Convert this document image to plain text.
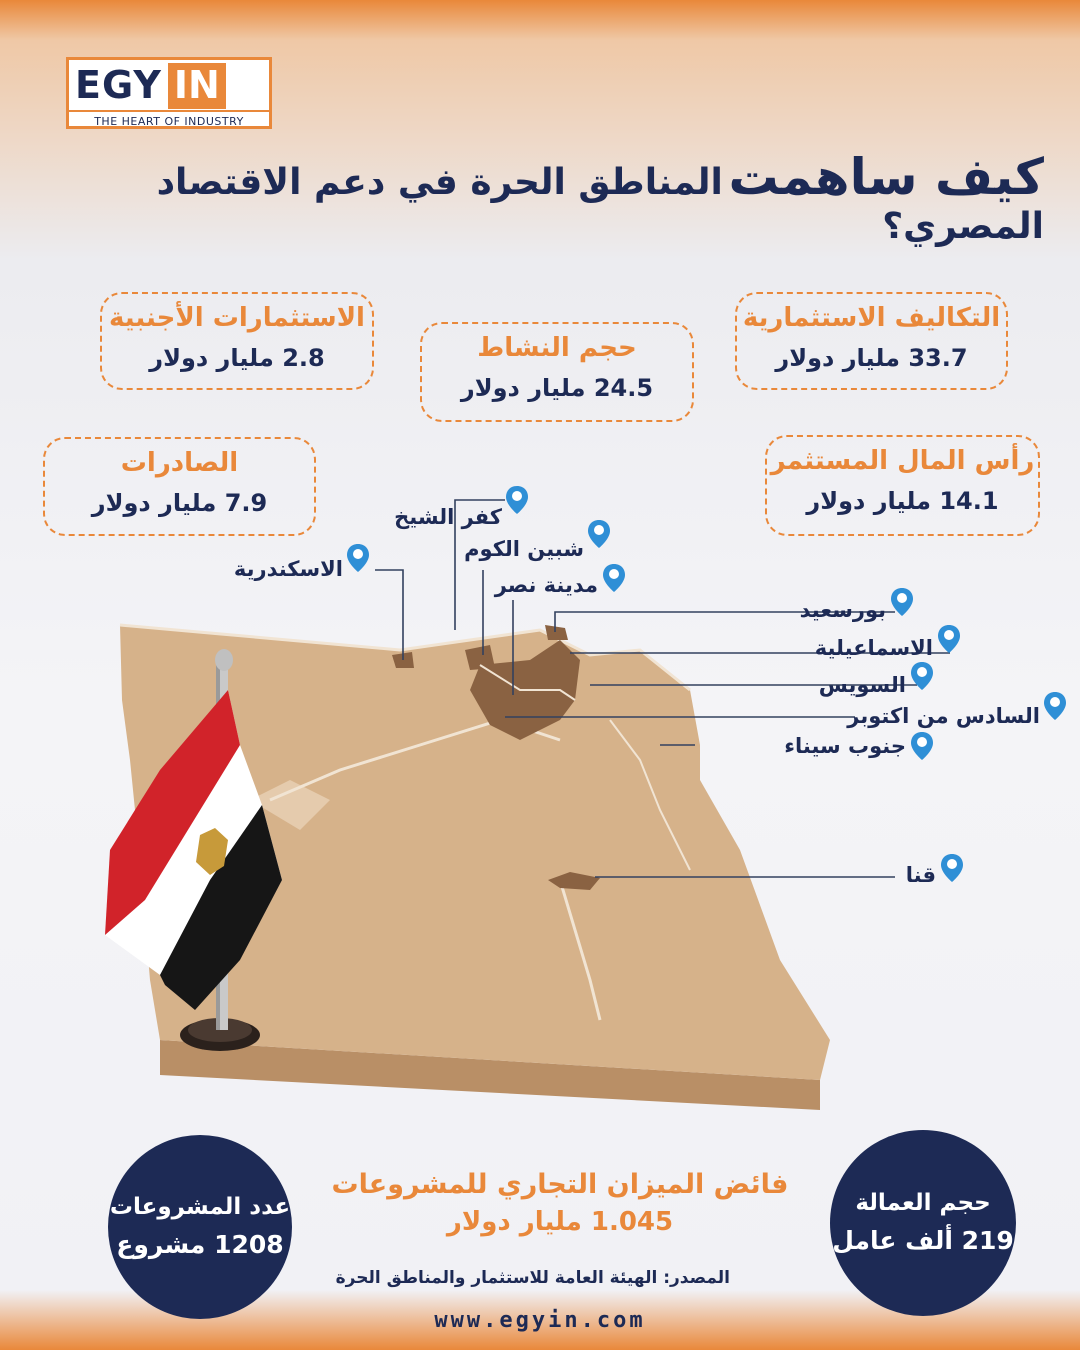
EGY IN
THE HEART OF INDUSTRY
كيف ساهمت المناطق الحرة في دعم الاقتصاد المصري؟
الاستثمارات الأجنبية
2.8 مليار دولار	حجم النشاط
24.5 مليار دولار
التكاليف الاستثمارية
33.7 مليار دولار
الصادرات
7.9 مليار دولار
رأس المال المستثمر
14.1 مليار دولار
كفر الشيخ
شبين الكوم
مدينة نصر
الاسكندرية
بورسعيد
الاسماعيلية
السويس
السادس من اكتوبر
جنوب سيناء
قنا
عدد المشروعات
1208 مشروع
حجم العمالة
219 ألف عامل
فائض الميزان التجاري للمشروعات
1.045 مليار دولار
المصدر: الهيئة العامة للاستثمار والمناطق الحرة
www.egyin.com
